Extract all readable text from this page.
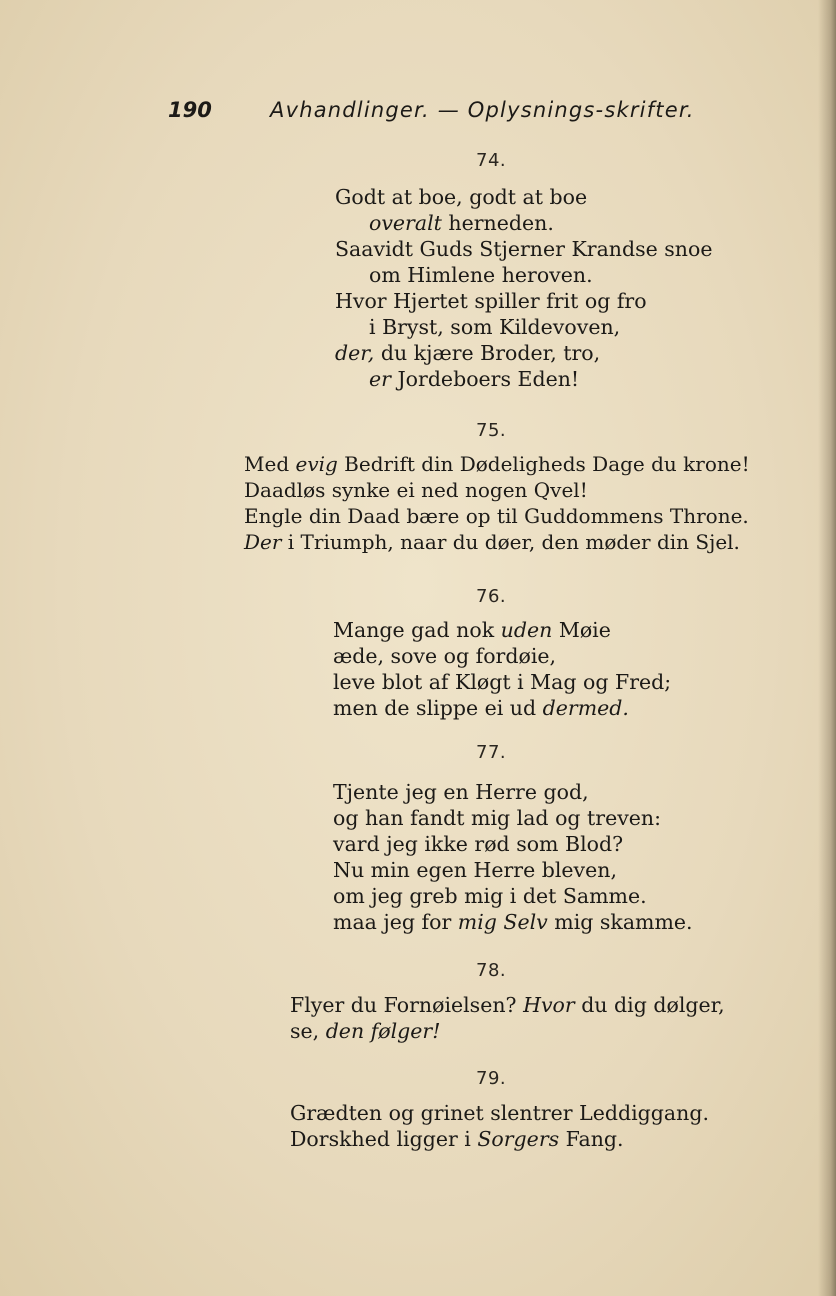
190	Avhandlinger. — Oplysnings-skrifter.
74.
Godt at boe, godt at boe
overalt herneden.
Saavidt Guds Stjerner Krandse snoe
om Himlene heroven.
Hvor Hjertet spiller frit og fro
i Bryst, som Kildevoven,
der, du kjære Broder, tro,
er Jordeboers Eden!
75.
Med evig Bedrift din Dødeligheds Dage du krone!
Daadløs synke ei ned nogen Qvel!
Engle din Daad bære op til Guddommens Throne.
Der i Triumph, naar du døer, den møder din Sjel.
76.
Mange gad nok uden Møie
æde, sove og fordøie,
leve blot af Kløgt i Mag og Fred;
men de slippe ei ud dermed.
77.
Tjente jeg en Herre god,
og han fandt mig lad og treven:
vard jeg ikke rød som Blod?
Nu min egen Herre bleven,
om jeg greb mig i det Samme.
maa jeg for mig Selv mig skamme.
78.
Flyer du Fornøielsen? Hvor du dig dølger,
se, den følger!
79.
Grædten og grinet slentrer Leddiggang.
Dorskhed ligger i Sorgers Fang.
